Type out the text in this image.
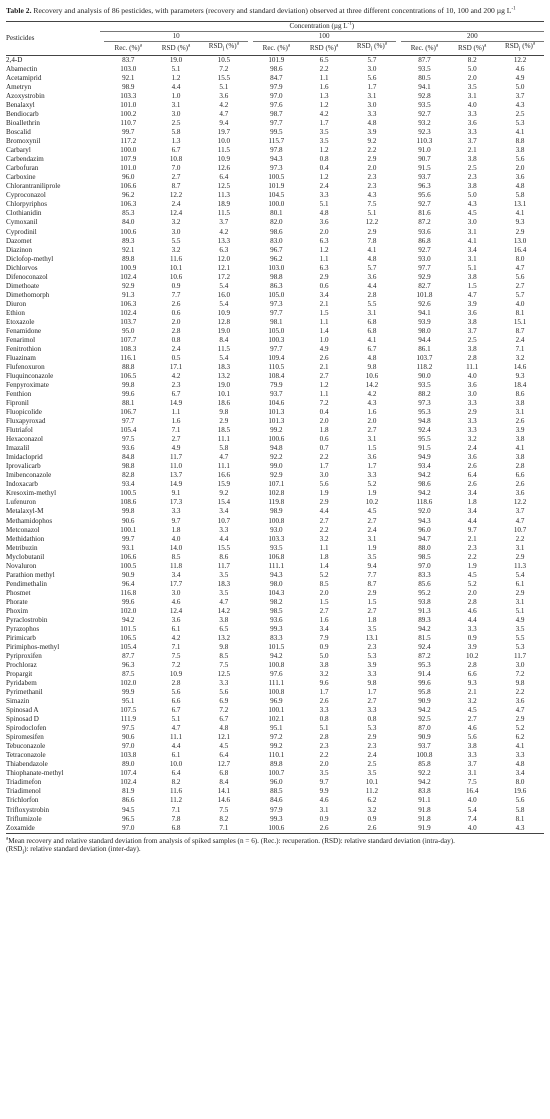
Table 2. Recovery and analysis of 86 pesticides, with parameters (recovery and standard deviation) observed at three different concentrations of 10, 100 and 200 µg $L^{-1}$
Pesticides	Concentration (µg $L^{-1}$)											
		10				100				200		
		Rec. (%)$^a$	RSD (%)$^a$	$RSD_i$ (%)$^a$		Rec. (%)$^a$	RSD (%)$^a$	$RSD_i$ (%)$^a$		Rec. (%)$^a$	RSD (%)$^a$	$RSD_i$ (%)$^a$
2,4-D		83.7	19.0	10.5		101.9	6.5	5.7		87.7	8.2	12.2
Abamectin		103.0	5.1	7.2		98.6	2.2	3.0		93.5	5.0	4.6
Acetamiprid		92.1	1.2	15.5		84.7	1.1	5.6		80.5	2.0	4.9
Ametryn		98.9	4.4	5.1		97.9	1.6	1.7		94.1	3.5	5.0
Azoxystrobin		103.3	1.0	3.6		97.0	1.3	3.1		92.8	3.1	3.7
Benalaxyl		101.0	3.1	4.2		97.6	1.2	3.0		93.5	4.0	4.3
Bendiocarb		100.2	3.0	4.7		98.7	4.2	3.3		92.7	3.3	2.5
Bioallethrin		110.7	2.5	9.4		97.7	1.7	4.8		93.2	3.6	5.3
Boscalid		99.7	5.8	19.7		99.5	3.5	3.9		92.3	3.3	4.1
Bromoxynil		117.2	1.3	10.0		115.7	3.5	9.2		110.3	3.7	8.8
Carbaryl		100.0	6.7	11.5		97.8	1.2	2.2		91.0	2.1	3.8
Carbendazim		107.9	10.8	10.9		94.3	0.8	2.9		90.7	3.8	5.6
Carbofuran		101.0	7.0	12.6		97.3	0.4	2.0		91.5	2.5	2.0
Carboxine		96.0	2.7	6.4		100.5	1.2	2.3		93.7	2.3	3.6
Chlorantraniliprole		106.6	8.7	12.5		101.9	2.4	2.3		96.3	3.8	4.8
Cyproconazol		96.2	12.2	11.3		104.5	3.3	4.3		95.6	5.0	5.8
Chlorpyriphos		106.3	2.4	18.9		100.0	5.1	7.5		92.7	4.3	13.1
Clothianidin		85.3	12.4	11.5		80.1	4.8	5.1		81.6	4.5	4.1
Cymoxanil		84.0	3.2	3.7		82.0	3.6	12.2		87.2	3.0	9.3
Cyprodinil		100.6	3.0	4.2		98.6	2.0	2.9		93.6	3.1	2.9
Dazomet		89.3	5.5	13.3		83.0	6.3	7.8		86.8	4.1	13.0
Diazinon		92.1	3.2	6.3		96.7	1.2	4.1		92.7	3.4	16.4
Diclofop-methyl		89.8	11.6	12.0		96.2	1.1	4.8		93.0	3.1	8.0
Dichlorvos		100.9	10.1	12.1		103.0	6.3	5.7		97.7	5.1	4.7
Difenoconazol		102.4	10.6	17.2		98.8	2.9	3.6		92.9	3.8	5.6
Dimethoate		92.9	0.9	5.4		86.3	0.6	4.4		82.7	1.5	2.7
Dimethomorph		91.3	7.7	16.0		105.0	3.4	2.8		101.8	4.7	5.7
Diuron		106.3	2.6	5.4		97.3	2.1	5.5		92.6	3.9	4.0
Ethion		102.4	0.6	10.9		97.7	1.5	3.1		94.1	3.6	8.1
Etoxazole		103.7	2.0	12.8		98.1	1.1	6.8		93.9	3.8	15.1
Fenamidone		95.0	2.8	19.0		105.0	1.4	6.8		98.0	3.7	8.7
Fenarimol		107.7	0.8	8.4		100.3	1.0	4.1		94.4	2.5	2.4
Fenitrothion		108.3	2.4	11.5		97.7	4.9	6.7		86.1	3.8	7.1
Fluazinam		116.1	0.5	5.4		109.4	2.6	4.8		103.7	2.8	3.2
Flufenoxuron		88.8	17.1	18.3		110.5	2.1	9.8		118.2	11.1	14.6
Fluquinconazole		106.5	4.2	13.2		108.4	2.7	10.6		90.0	4.0	9.3
Fenpyroximate		99.8	2.3	19.0		79.9	1.2	14.2		93.5	3.6	18.4
Fenthion		99.6	6.7	10.1		93.7	1.1	4.2		88.2	3.0	8.6
Fipronil		88.1	14.9	18.6		104.6	7.2	4.3		97.3	3.3	3.8
Fluopicolide		106.7	1.1	9.8		101.3	0.4	1.6		95.3	2.9	3.1
Fluxapyroxad		97.7	1.6	2.9		101.3	2.0	2.0		94.8	3.3	2.6
Flutriafol		105.4	7.1	18.5		99.2	1.8	2.7		92.4	3.3	3.9
Hexaconazol		97.5	2.7	11.1		100.6	0.6	3.1		95.5	3.2	3.8
Imazalil		93.6	4.9	5.8		94.8	0.7	1.5		91.5	2.4	4.1
Imidacloprid		84.8	11.7	4.7		92.2	2.2	3.6		94.9	3.6	3.8
Iprovalicarb		98.8	11.0	11.1		99.0	1.7	1.7		93.4	2.6	2.8
Imibenconazole		82.8	13.7	16.6		92.9	3.0	3.3		94.2	6.4	6.6
Indoxacarb		93.4	14.9	15.9		107.1	5.6	5.2		98.6	2.6	2.6
Kresoxim-methyl		100.5	9.1	9.2		102.8	1.9	1.9		94.2	3.4	3.6
Lufenuron		108.6	17.3	15.4		119.8	2.9	10.2		118.6	1.8	12.2
Metalaxyl-M		99.8	3.3	3.4		98.9	4.4	4.5		92.0	3.4	3.7
Methamidophos		90.6	9.7	10.7		100.8	2.7	2.7		94.3	4.4	4.7
Metconazol		100.1	1.8	3.3		93.0	2.2	2.4		96.0	9.7	10.7
Methidathion		99.7	4.0	4.4		103.3	3.2	3.1		94.7	2.1	2.2
Metribuzin		93.1	14.0	15.5		93.5	1.1	1.9		88.0	2.3	3.1
Myclobutanil		106.6	8.5	8.6		106.8	1.8	3.5		98.5	2.2	2.9
Novaluron		100.5	11.8	11.7		111.1	1.4	9.4		97.0	1.9	11.3
Parathion methyl		90.9	3.4	3.5		94.3	5.2	7.7		83.3	4.5	5.4
Pendimethalin		96.4	17.7	18.3		98.0	8.5	8.7		85.6	5.2	6.1
Phosmet		116.8	3.0	3.5		104.3	2.0	2.9		95.2	2.0	2.9
Phorate		99.6	4.6	4.7		98.2	1.5	1.5		93.8	2.8	3.1
Phoxim		102.0	12.4	14.2		98.5	2.7	2.7		91.3	4.6	5.1
Pyraclostrobin		94.2	3.6	3.8		93.6	1.6	1.8		89.3	4.4	4.9
Pyrazophos		101.5	6.1	6.5		99.3	3.4	3.5		94.2	3.3	3.5
Pirimicarb		106.5	4.2	13.2		83.3	7.9	13.1		81.5	0.9	5.5
Pirimiphos-methyl		105.4	7.1	9.8		101.5	0.9	2.3		92.4	3.9	5.3
Pyriproxifen		87.7	7.5	8.5		94.2	5.0	5.3		87.2	10.2	11.7
Prochloraz		96.3	7.2	7.5		100.8	3.8	3.9		95.3	2.8	3.0
Propargit		87.5	10.9	12.5		97.6	3.2	3.3		91.4	6.6	7.2
Pyridabem		102.0	2.8	3.3		111.1	9.6	9.8		99.6	9.3	9.8
Pyrimethanil		99.9	5.6	5.6		100.8	1.7	1.7		95.8	2.1	2.2
Simazin		95.1	6.6	6.9		96.9	2.6	2.7		90.9	3.2	3.6
Spinosad A		107.5	6.7	7.2		100.1	3.3	3.3		94.2	4.5	4.7
Spinosad D		111.9	5.1	6.7		102.1	0.8	0.8		92.5	2.7	2.9
Spirodoclofen		97.5	4.7	4.8		95.1	5.1	5.3		87.0	4.6	5.2
Spiromesifen		90.6	11.1	12.1		97.2	2.8	2.9		90.9	5.6	6.2
Tebuconazole		97.0	4.4	4.5		99.2	2.3	2.3		93.7	3.8	4.1
Tetraconazole		103.8	6.1	6.4		110.1	2.2	2.4		100.8	3.3	3.3
Thiabendazole		89.0	10.0	12.7		89.8	2.0	2.5		85.8	3.7	4.8
Thiophanate-methyl		107.4	6.4	6.8		100.7	3.5	3.5		92.2	3.1	3.4
Triadimefon		102.4	8.2	8.4		96.0	9.7	10.1		94.2	7.5	8.0
Triadimenol		81.9	11.6	14.1		88.5	9.9	11.2		83.8	16.4	19.6
Trichlorfon		86.6	11.2	14.6		84.6	4.6	6.2		91.1	4.0	5.6
Trifloxystrobin		94.5	7.1	7.5		97.9	3.1	3.2		91.8	5.4	5.8
Triflumizole		96.5	7.8	8.2		99.3	0.9	0.9		91.8	7.4	8.1
Zoxamide		97.0	6.8	7.1		100.6	2.6	2.6		91.9	4.0	4.3
$^a$Mean recovery and relative standard deviation from analysis of spiked samples (n = 6). (Rec.): recuperation. (RSD): relative standard deviation (intra-day).
$(RSD_i)$: relative standard deviation (inter-day).
